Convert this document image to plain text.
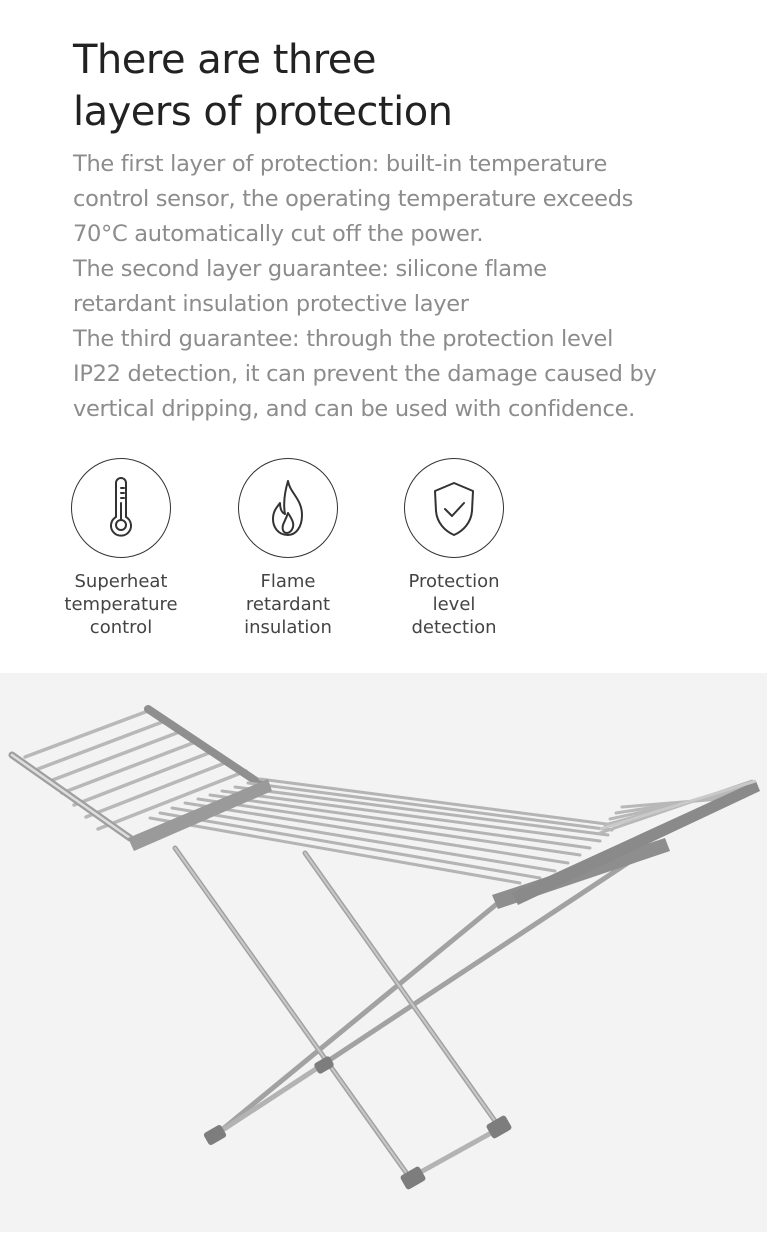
There are three
layers of protection
The first layer of protection: built-in temperature
control sensor, the operating temperature exceeds
70°C automatically cut off the power.
The second layer guarantee: silicone flame
retardant insulation protective layer
The third guarantee: through the protection level
IP22 detection, it can prevent the damage caused by
vertical dripping, and can be used with confidence.
Superheat
temperature
control
Flame
retardant
insulation
Protection
level
detection
